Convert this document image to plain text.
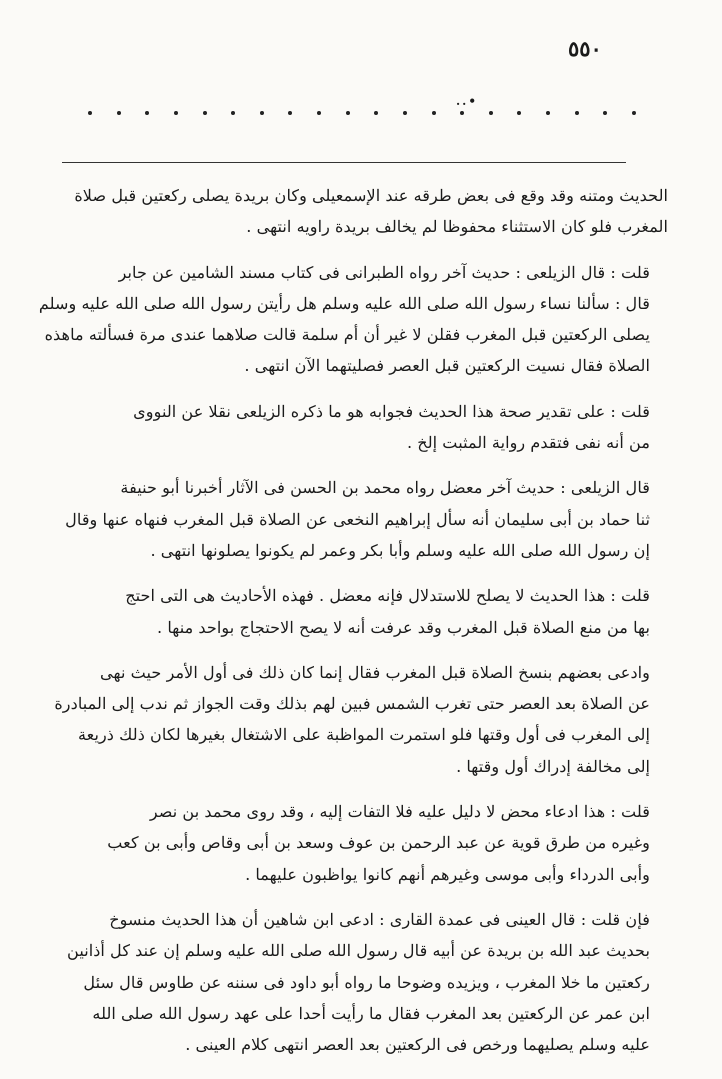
٥٥٠
•..

الحديث ومتنه وقد وقع فى بعض طرقه عند الإسمعيلى وكان بريدة يصلى ركعتين قبل صلاة
المغرب فلو كان الاستثناء محفوظا لم يخالف بريدة راويه انتهى .

قلت : قال الزيلعى : حديث آخر رواه الطبرانى فى كتاب مسند الشامين عن جابر
قال : سألنا نساء رسول الله صلى الله عليه وسلم هل رأيتن رسول الله صلى الله عليه وسلم
يصلى الركعتين قبل المغرب فقلن لا غير أن أم سلمة قالت صلاهما عندى مرة فسألته ماهذه
الصلاة فقال نسيت الركعتين قبل العصر فصليتهما الآن انتهى .

قلت : على تقدير صحة هذا الحديث فجوابه هو ما ذكره الزيلعى نقلا عن النووى
من أنه نفى فتقدم رواية المثبت إلخ .

قال الزيلعى : حديث آخر معضل رواه محمد بن الحسن فى الآثار أخبرنا أبو حنيفة
ثنا حماد بن أبى سليمان أنه سأل إبراهيم النخعى عن الصلاة قبل المغرب فنهاه عنها وقال
إن رسول الله صلى الله عليه وسلم وأبا بكر وعمر لم يكونوا يصلونها انتهى .

قلت : هذا الحديث لا يصلح للاستدلال فإنه معضل . فهذه الأحاديث هى التى احتج
بها من منع الصلاة قبل المغرب وقد عرفت أنه لا يصح الاحتجاج بواحد منها .

وادعى بعضهم بنسخ الصلاة قبل المغرب فقال إنما كان ذلك فى أول الأمر حيث نهى
عن الصلاة بعد العصر حتى تغرب الشمس فبين لهم بذلك وقت الجواز ثم ندب إلى المبادرة
إلى المغرب فى أول وقتها فلو استمرت المواظبة على الاشتغال بغيرها لكان ذلك ذريعة
إلى مخالفة إدراك أول وقتها .

قلت : هذا ادعاء محض لا دليل عليه فلا التفات إليه ، وقد روى محمد بن نصر
وغيره من طرق قوية عن عبد الرحمن بن عوف وسعد بن أبى وقاص وأبى بن كعب
وأبى الدرداء وأبى موسى وغيرهم أنهم كانوا يواظبون عليهما .

فإن قلت : قال العينى فى عمدة القارى : ادعى ابن شاهين أن هذا الحديث منسوخ
بحديث عبد الله بن بريدة عن أبيه قال رسول الله صلى الله عليه وسلم إن عند كل أذانين
ركعتين ما خلا المغرب ، ويزيده وضوحا ما رواه أبو داود فى سننه عن طاوس قال سئل
ابن عمر عن الركعتين بعد المغرب فقال ما رأيت أحدا على عهد رسول الله صلى الله
عليه وسلم يصليهما ورخص فى الركعتين بعد العصر انتهى كلام العينى .
